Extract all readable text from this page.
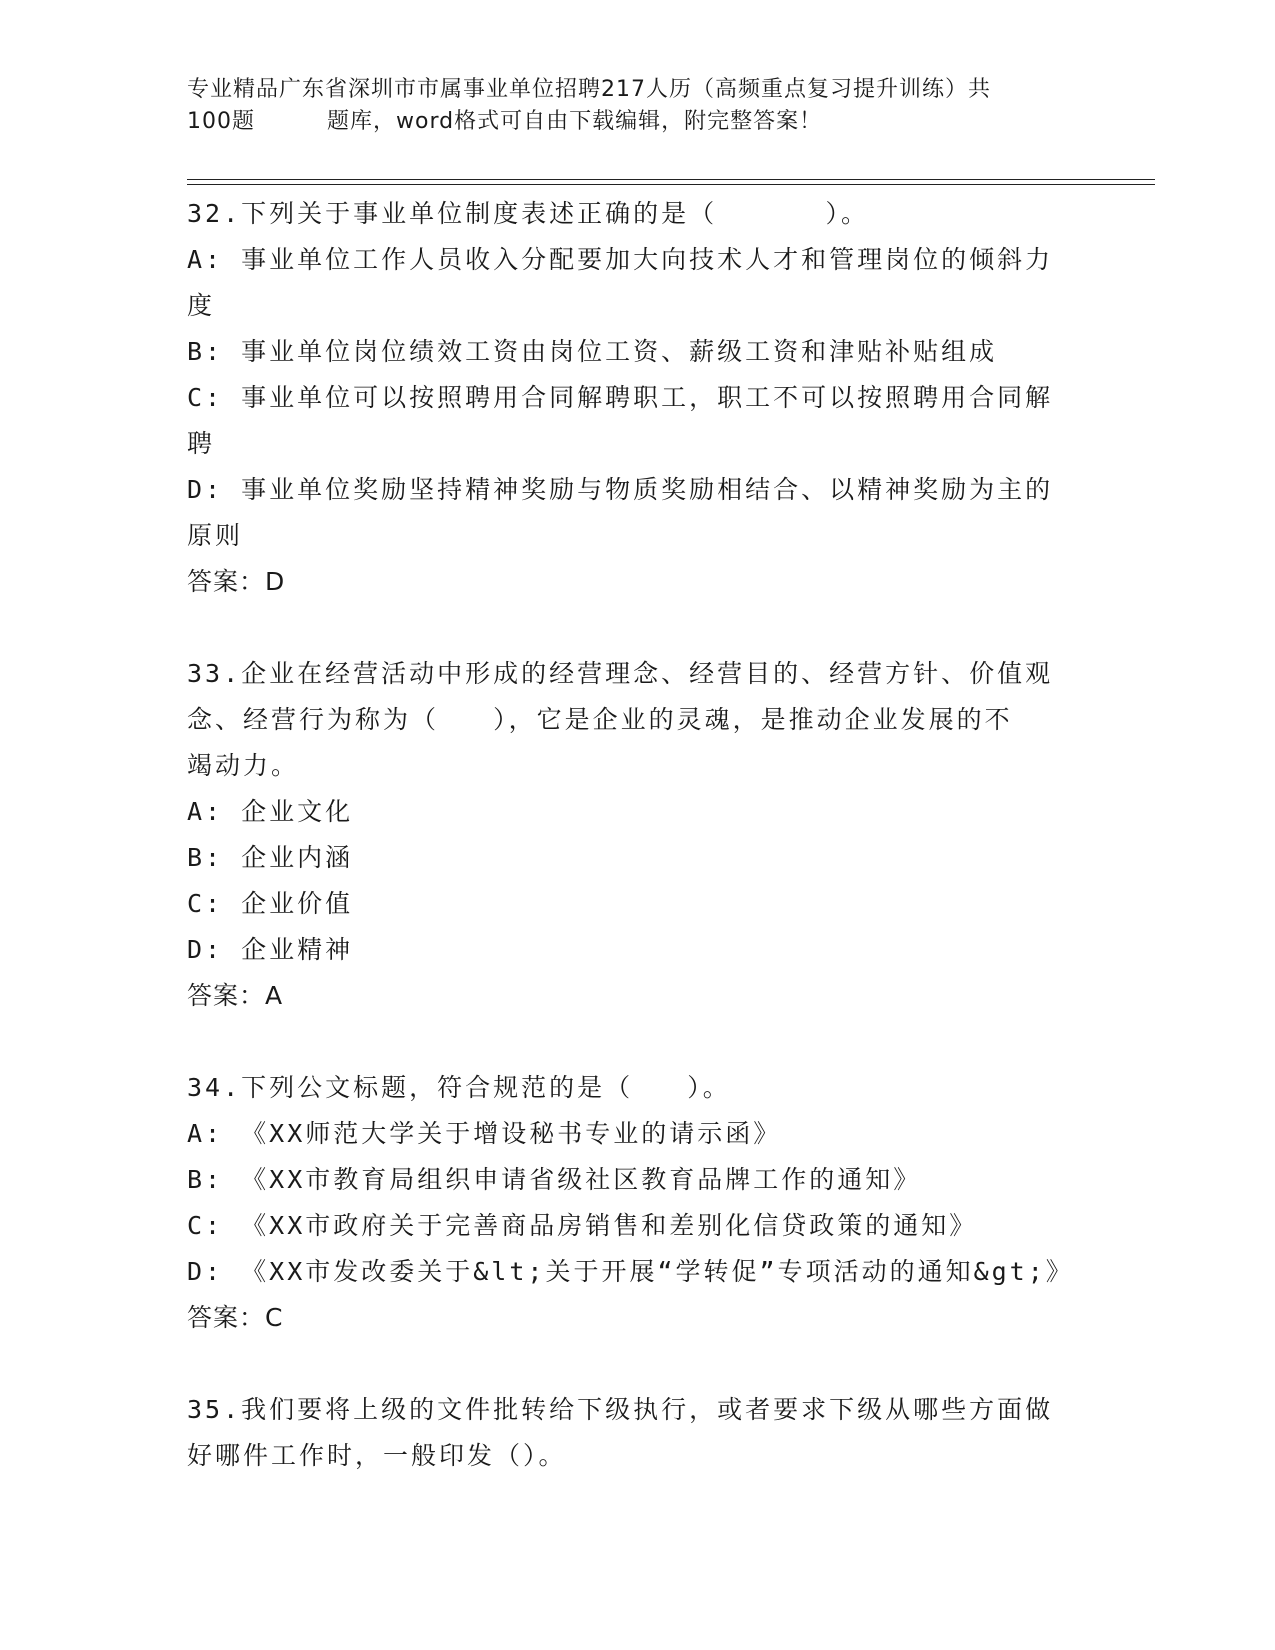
专业精品广东省深圳市市属事业单位招聘217人历（高频重点复习提升训练）共
100题	题库，word格式可自由下载编辑，附完整答案！
32.下列关于事业单位制度表述正确的是（      ）。
A: 事业单位工作人员收入分配要加大向技术人才和管理岗位的倾斜力
度
B: 事业单位岗位绩效工资由岗位工资、薪级工资和津贴补贴组成
C: 事业单位可以按照聘用合同解聘职工，职工不可以按照聘用合同解
聘
D: 事业单位奖励坚持精神奖励与物质奖励相结合、以精神奖励为主的
原则
答案：D
33.企业在经营活动中形成的经营理念、经营目的、经营方针、价值观
念、经营行为称为（   ），它是企业的灵魂，是推动企业发展的不
竭动力。
A: 企业文化
B: 企业内涵
C: 企业价值
D: 企业精神
答案：A
34.下列公文标题，符合规范的是（   ）。
A: 《XX师范大学关于增设秘书专业的请示函》
B: 《XX市教育局组织申请省级社区教育品牌工作的通知》
C: 《XX市政府关于完善商品房销售和差别化信贷政策的通知》
D: 《XX市发改委关于&lt;关于开展“学转促”专项活动的通知&gt;》
答案：C
35.我们要将上级的文件批转给下级执行，或者要求下级从哪些方面做
好哪件工作时，一般印发（）。
